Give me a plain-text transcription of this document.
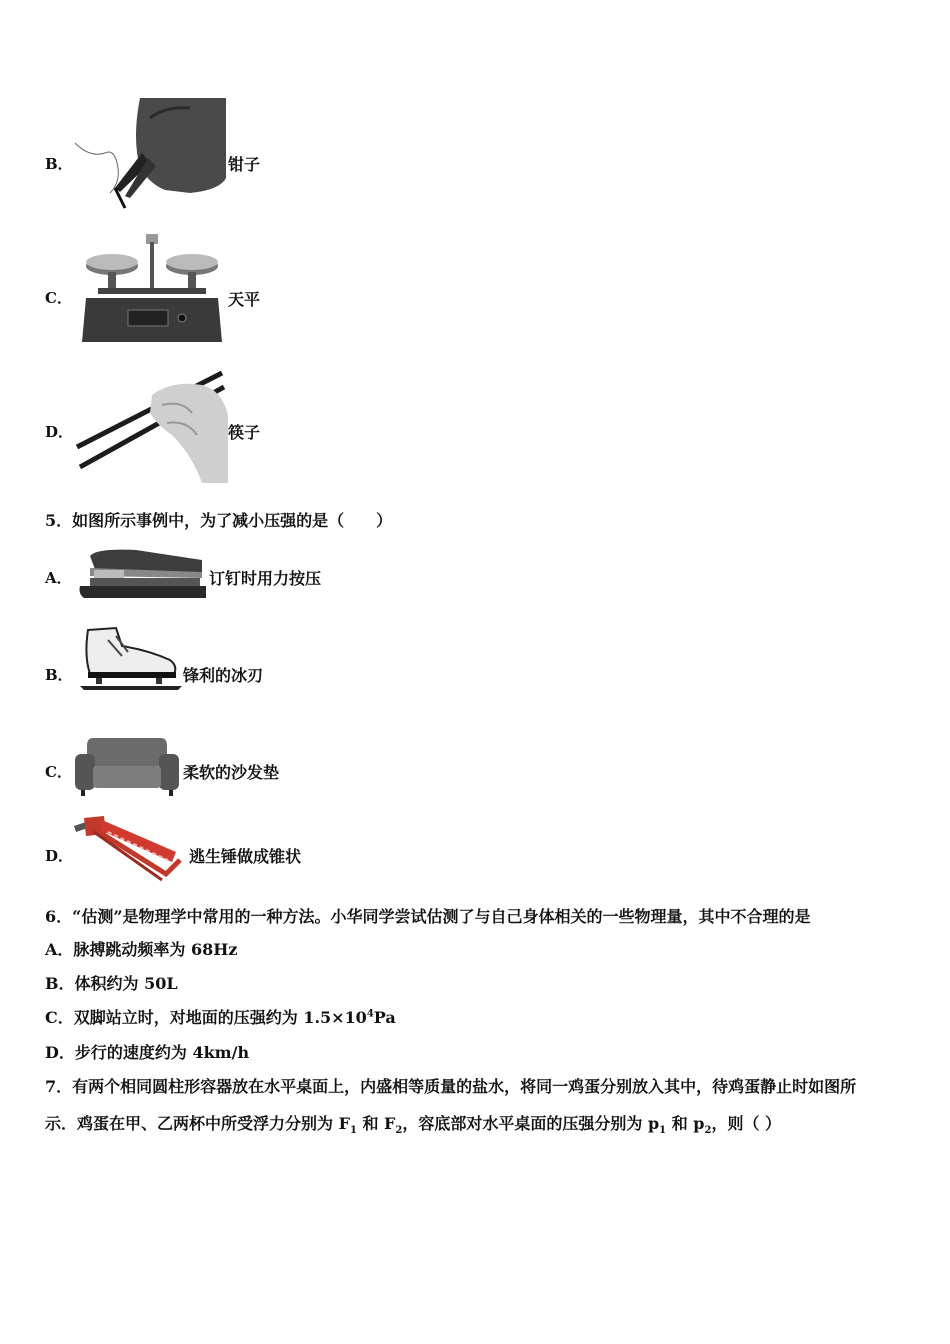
B．	钳子
C．	天平
D．	筷子
5．如图所示事例中，为了减小压强的是（　　）
A．	订钉时用力按压
B．	锋利的冰刃
C．	柔软的沙发垫
D．	逃生锤做成锥状
6．“估测”是物理学中常用的一种方法。小华同学尝试估测了与自己身体相关的一些物理量，其中不合理的是
A．脉搏跳动频率为 68Hz
B．体积约为 50L
C．双脚站立时，对地面的压强约为 $1.5\times 10^4Pa$
D．步行的速度约为 4km/h
7．有两个相同圆柱形容器放在水平桌面上，内盛相等质量的盐水，将同一鸡蛋分别放入其中，待鸡蛋静止时如图所
示．鸡蛋在甲、乙两杯中所受浮力分别为 $F_1$ 和 $F_2$，容底部对水平桌面的压强分别为 $p_1$ 和 $p_2$，则（ ）
